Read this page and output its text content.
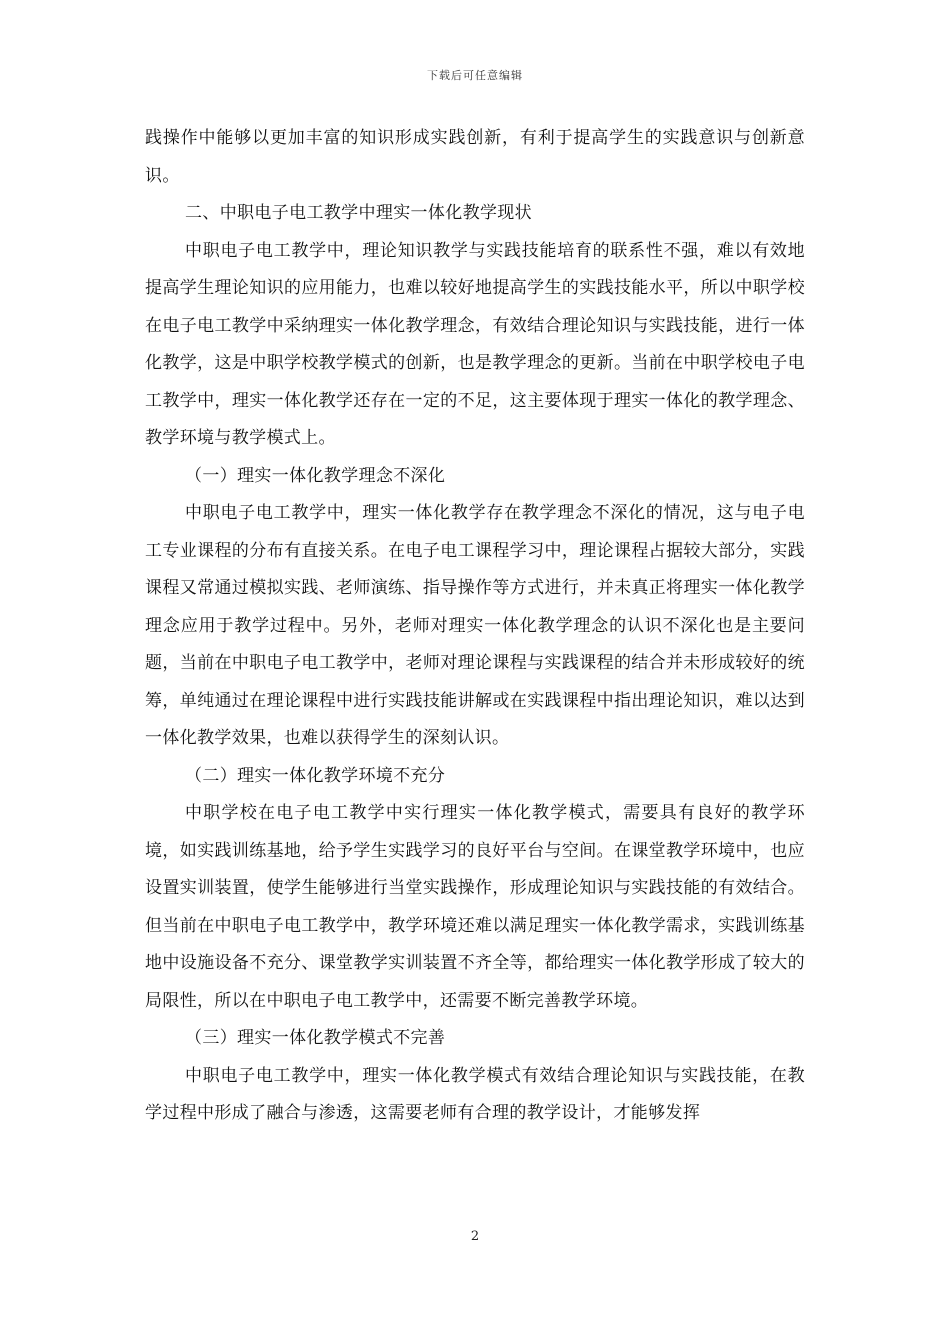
下载后可任意编辑

践操作中能够以更加丰富的知识形成实践创新，有利于提高学生的实践意识与创新意识。

二、中职电子电工教学中理实一体化教学现状

中职电子电工教学中，理论知识教学与实践技能培育的联系性不强，难以有效地提高学生理论知识的应用能力，也难以较好地提高学生的实践技能水平，所以中职学校在电子电工教学中采纳理实一体化教学理念，有效结合理论知识与实践技能，进行一体化教学，这是中职学校教学模式的创新，也是教学理念的更新。当前在中职学校电子电工教学中，理实一体化教学还存在一定的不足，这主要体现于理实一体化的教学理念、教学环境与教学模式上。

（一）理实一体化教学理念不深化

中职电子电工教学中，理实一体化教学存在教学理念不深化的情况，这与电子电工专业课程的分布有直接关系。在电子电工课程学习中，理论课程占据较大部分，实践课程又常通过模拟实践、老师演练、指导操作等方式进行，并未真正将理实一体化教学理念应用于教学过程中。另外，老师对理实一体化教学理念的认识不深化也是主要问题，当前在中职电子电工教学中，老师对理论课程与实践课程的结合并未形成较好的统筹，单纯通过在理论课程中进行实践技能讲解或在实践课程中指出理论知识，难以达到一体化教学效果，也难以获得学生的深刻认识。

（二）理实一体化教学环境不充分

中职学校在电子电工教学中实行理实一体化教学模式，需要具有良好的教学环境，如实践训练基地，给予学生实践学习的良好平台与空间。在课堂教学环境中，也应设置实训装置，使学生能够进行当堂实践操作，形成理论知识与实践技能的有效结合。但当前在中职电子电工教学中，教学环境还难以满足理实一体化教学需求，实践训练基地中设施设备不充分、课堂教学实训装置不齐全等，都给理实一体化教学形成了较大的局限性，所以在中职电子电工教学中，还需要不断完善教学环境。

（三）理实一体化教学模式不完善

中职电子电工教学中，理实一体化教学模式有效结合理论知识与实践技能，在教学过程中形成了融合与渗透，这需要老师有合理的教学设计，才能够发挥

2
